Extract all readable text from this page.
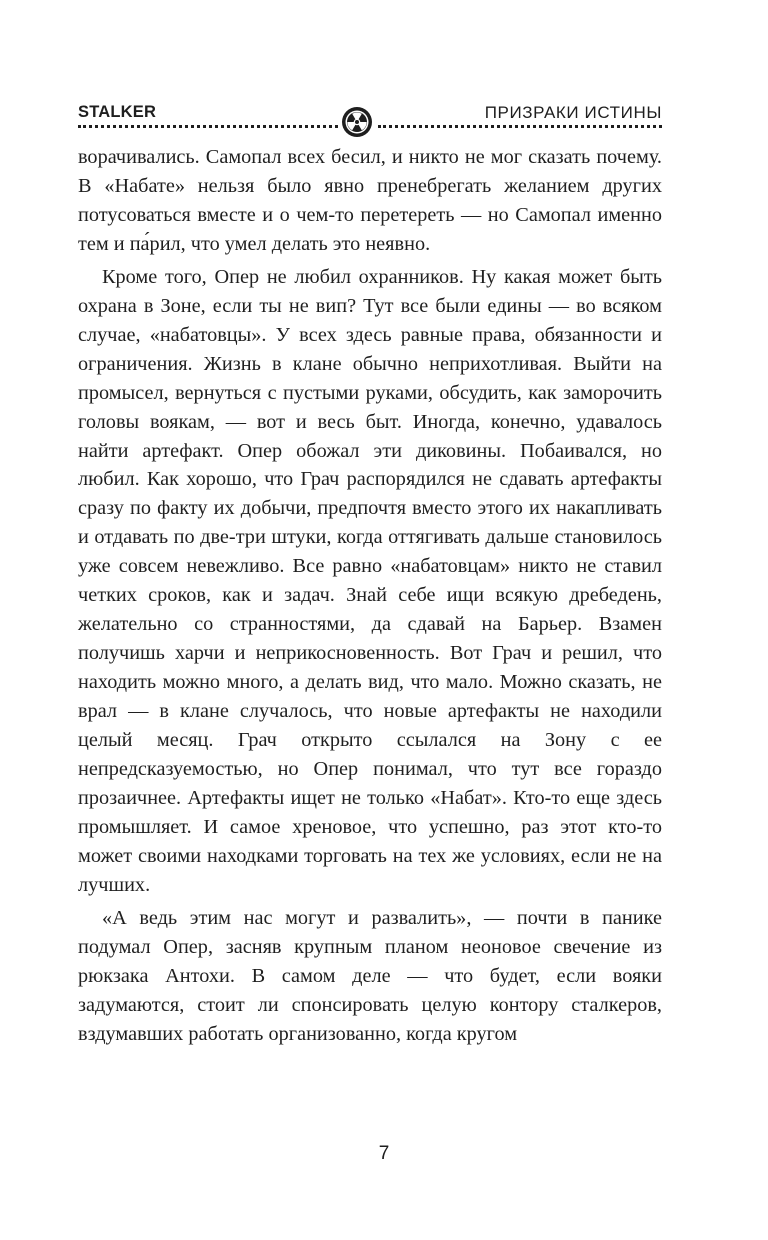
STALKER	ПРИЗРАКИ ИСТИНЫ

ворачивались. Самопал всех бесил, и никто не мог сказать почему. В «Набате» нельзя было явно пренебрегать желанием других потусоваться вместе и о чем-то перетереть — но Самопал именно тем и па́рил, что умел делать это неявно.

Кроме того, Опер не любил охранников. Ну какая может быть охрана в Зоне, если ты не вип? Тут все были едины — во всяком случае, «набатовцы». У всех здесь равные права, обязанности и ограничения. Жизнь в клане обычно неприхотливая. Выйти на промысел, вернуться с пустыми руками, обсудить, как заморочить головы воякам, — вот и весь быт. Иногда, конечно, удавалось найти артефакт. Опер обожал эти диковины. Побаивался, но любил. Как хорошо, что Грач распорядился не сдавать артефакты сразу по факту их добычи, предпочтя вместо этого их накапливать и отдавать по две-три штуки, когда оттягивать дальше становилось уже совсем невежливо. Все равно «набатовцам» никто не ставил четких сроков, как и задач. Знай себе ищи всякую дребедень, желательно со странностями, да сдавай на Барьер. Взамен получишь харчи и неприкосновенность. Вот Грач и решил, что находить можно много, а делать вид, что мало. Можно сказать, не врал — в клане случалось, что новые артефакты не находили целый месяц. Грач открыто ссылался на Зону с ее непредсказуемостью, но Опер понимал, что тут все гораздо прозаичнее. Артефакты ищет не только «Набат». Кто-то еще здесь промышляет. И самое хреновое, что успешно, раз этот кто-то может своими находками торговать на тех же условиях, если не на лучших.

«А ведь этим нас могут и развалить», — почти в панике подумал Опер, засняв крупным планом неоновое свечение из рюкзака Антохи. В самом деле — что будет, если вояки задумаются, стоит ли спонсировать целую контору сталкеров, вздумавших работать организованно, когда кругом

7
